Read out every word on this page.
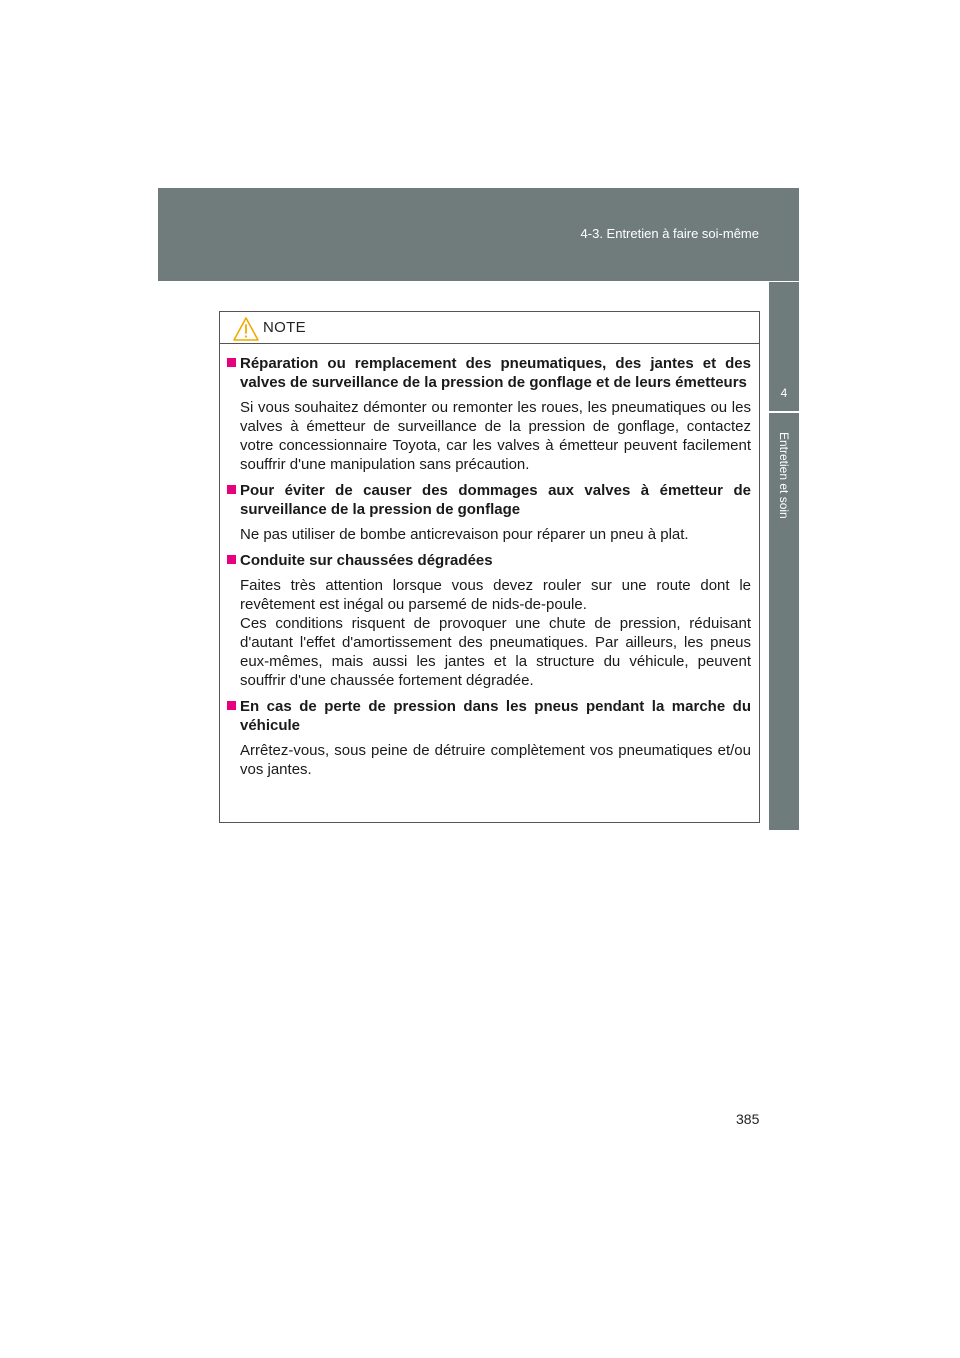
4-3. Entretien à faire soi-même
4
Entretien et soin
NOTE
Réparation ou remplacement des pneumatiques, des jantes et des valves de surveillance de la pression de gonflage et de leurs émetteurs
Si vous souhaitez démonter ou remonter les roues, les pneumatiques ou les valves à émetteur de surveillance de la pression de gonflage, contactez votre concessionnaire Toyota, car les valves à émetteur peuvent facilement souffrir d'une manipulation sans précaution.
Pour éviter de causer des dommages aux valves à émetteur de surveillance de la pression de gonflage
Ne pas utiliser de bombe anticrevaison pour réparer un pneu à plat.
Conduite sur chaussées dégradées
Faites très attention lorsque vous devez rouler sur une route dont le revêtement est inégal ou parsemé de nids-de-poule.
Ces conditions risquent de provoquer une chute de pression, réduisant d'autant l'effet d'amortissement des pneumatiques. Par ailleurs, les pneus eux-mêmes, mais aussi les jantes et la structure du véhicule, peuvent souffrir d'une chaussée fortement dégradée.
En cas de perte de pression dans les pneus pendant la marche du véhicule
Arrêtez-vous, sous peine de détruire complètement vos pneumatiques et/ou vos jantes.
385
